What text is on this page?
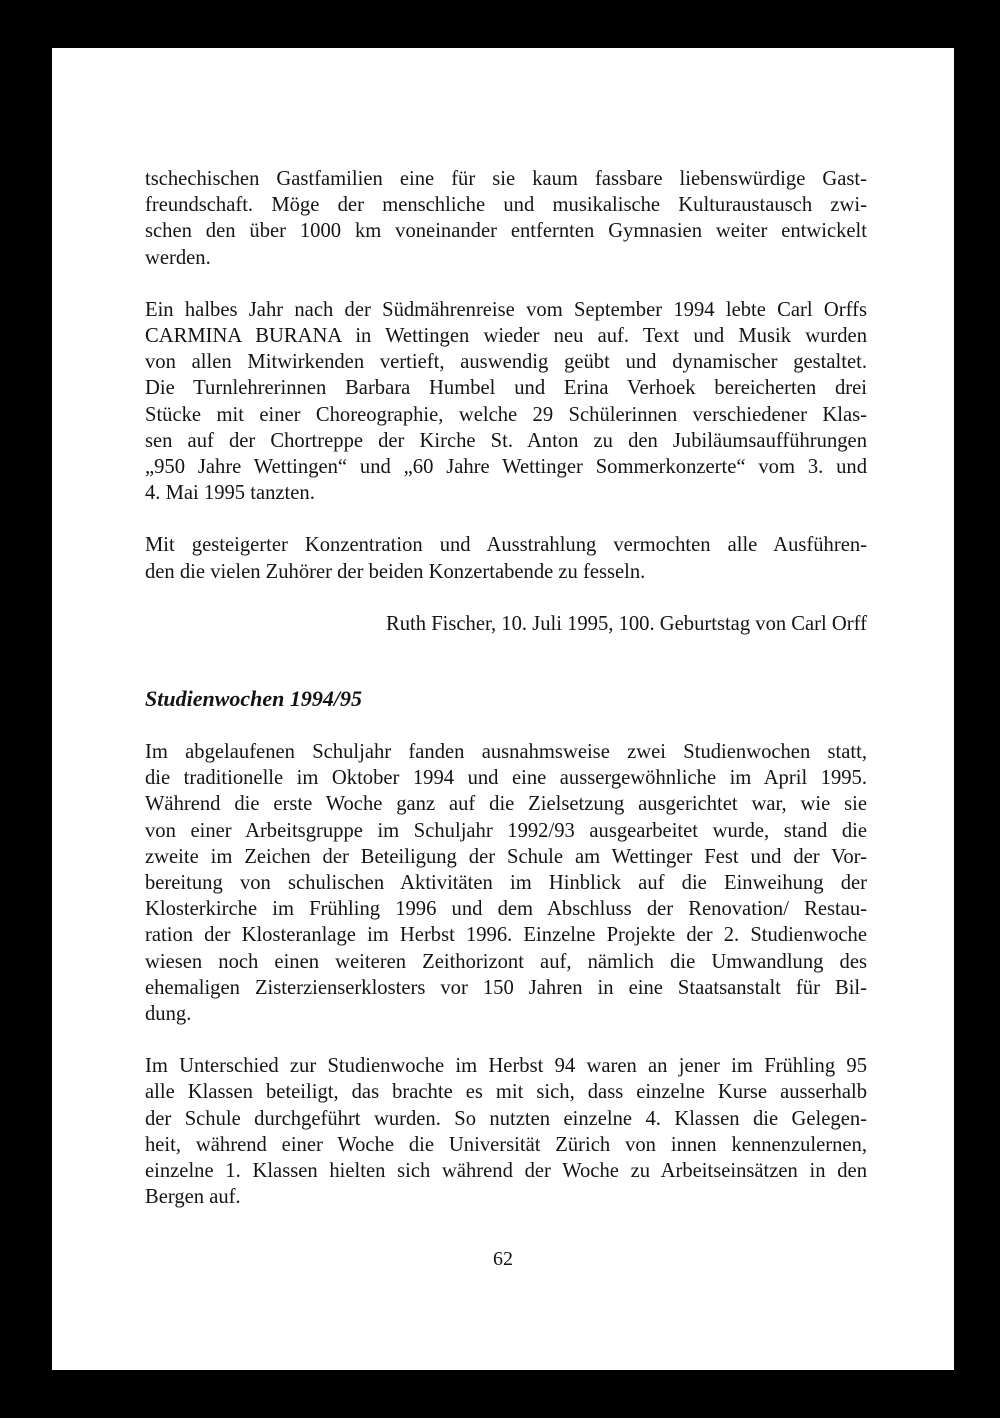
tschechischen Gastfamilien eine für sie kaum fassbare liebenswürdige Gast-
freundschaft. Möge der menschliche und musikalische Kulturaustausch zwi-
schen den über 1000 km voneinander entfernten Gymnasien weiter entwickelt
werden.
Ein halbes Jahr nach der Südmährenreise vom September 1994 lebte Carl Orffs
CARMINA BURANA in Wettingen wieder neu auf. Text und Musik wurden
von allen Mitwirkenden vertieft, auswendig geübt und dynamischer gestaltet.
Die Turnlehrerinnen Barbara Humbel und Erina Verhoek bereicherten drei
Stücke mit einer Choreographie, welche 29 Schülerinnen verschiedener Klas-
sen auf der Chortreppe der Kirche St. Anton zu den Jubiläumsaufführungen
„950 Jahre Wettingen“ und „60 Jahre Wettinger Sommerkonzerte“ vom 3. und
4. Mai 1995 tanzten.
Mit gesteigerter Konzentration und Ausstrahlung vermochten alle Ausführen-
den die vielen Zuhörer der beiden Konzertabende zu fesseln.
Ruth Fischer, 10. Juli 1995, 100. Geburtstag von Carl Orff
Studienwochen 1994/95
Im abgelaufenen Schuljahr fanden ausnahmsweise zwei Studienwochen statt,
die traditionelle im Oktober 1994 und eine aussergewöhnliche im April 1995.
Während die erste Woche ganz auf die Zielsetzung ausgerichtet war, wie sie
von einer Arbeitsgruppe im Schuljahr 1992/93 ausgearbeitet wurde, stand die
zweite im Zeichen der Beteiligung der Schule am Wettinger Fest und der Vor-
bereitung von schulischen Aktivitäten im Hinblick auf die Einweihung der
Klosterkirche im Frühling 1996 und dem Abschluss der Renovation/ Restau-
ration der Klosteranlage im Herbst 1996. Einzelne Projekte der 2. Studienwoche
wiesen noch einen weiteren Zeithorizont auf, nämlich die Umwandlung des
ehemaligen Zisterzienserklosters vor 150 Jahren in eine Staatsanstalt für Bil-
dung.
Im Unterschied zur Studienwoche im Herbst 94 waren an jener im Frühling 95
alle Klassen beteiligt, das brachte es mit sich, dass einzelne Kurse ausserhalb
der Schule durchgeführt wurden. So nutzten einzelne 4. Klassen die Gelegen-
heit, während einer Woche die Universität Zürich von innen kennenzulernen,
einzelne 1. Klassen hielten sich während der Woche zu Arbeitseinsätzen in den
Bergen auf.
62
